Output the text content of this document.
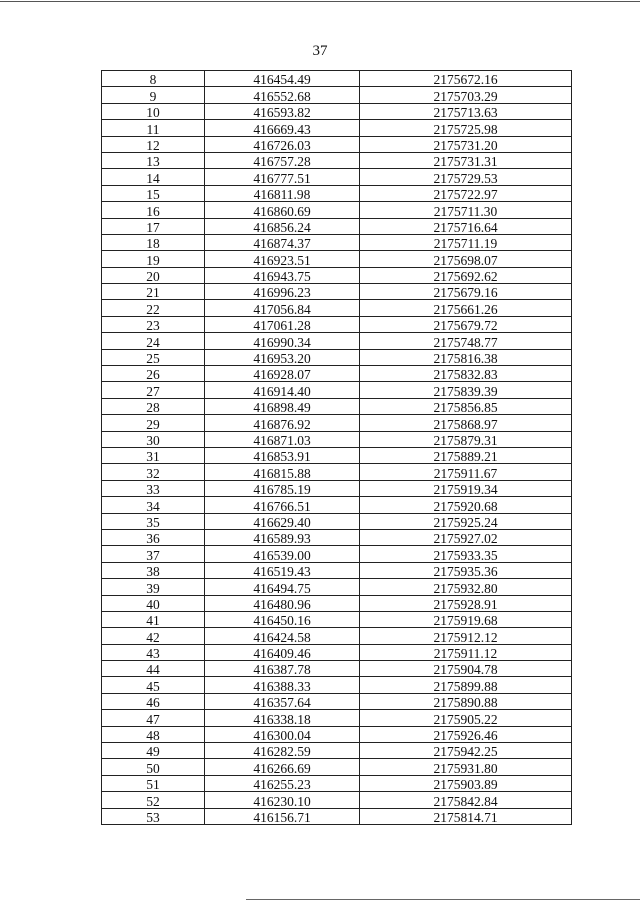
37
8	416454.49	2175672.16
9	416552.68	2175703.29
10	416593.82	2175713.63
11	416669.43	2175725.98
12	416726.03	2175731.20
13	416757.28	2175731.31
14	416777.51	2175729.53
15	416811.98	2175722.97
16	416860.69	2175711.30
17	416856.24	2175716.64
18	416874.37	2175711.19
19	416923.51	2175698.07
20	416943.75	2175692.62
21	416996.23	2175679.16
22	417056.84	2175661.26
23	417061.28	2175679.72
24	416990.34	2175748.77
25	416953.20	2175816.38
26	416928.07	2175832.83
27	416914.40	2175839.39
28	416898.49	2175856.85
29	416876.92	2175868.97
30	416871.03	2175879.31
31	416853.91	2175889.21
32	416815.88	2175911.67
33	416785.19	2175919.34
34	416766.51	2175920.68
35	416629.40	2175925.24
36	416589.93	2175927.02
37	416539.00	2175933.35
38	416519.43	2175935.36
39	416494.75	2175932.80
40	416480.96	2175928.91
41	416450.16	2175919.68
42	416424.58	2175912.12
43	416409.46	2175911.12
44	416387.78	2175904.78
45	416388.33	2175899.88
46	416357.64	2175890.88
47	416338.18	2175905.22
48	416300.04	2175926.46
49	416282.59	2175942.25
50	416266.69	2175931.80
51	416255.23	2175903.89
52	416230.10	2175842.84
53	416156.71	2175814.71
